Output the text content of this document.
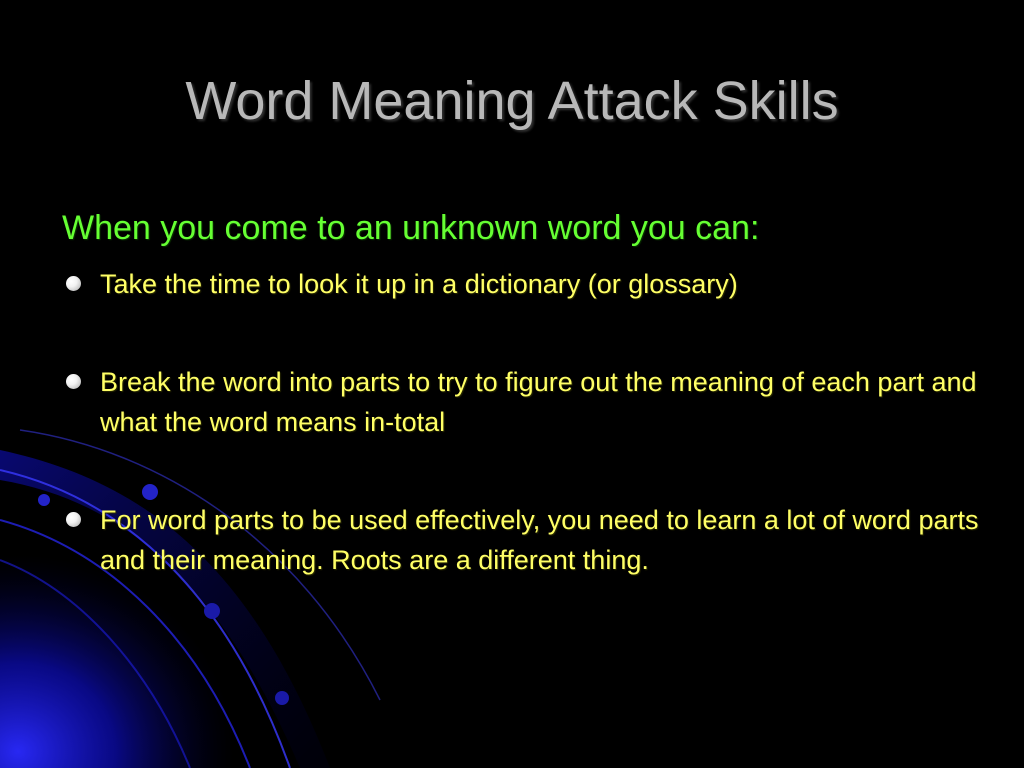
Word Meaning Attack Skills
When you come to an unknown word you can:
Take the time to look it up in a dictionary (or glossary)
Break the word into parts to try to figure out the meaning of each part and what the word means in-total
For word parts to be used effectively, you need to learn a lot of word parts and their meaning. Roots are a different thing.
